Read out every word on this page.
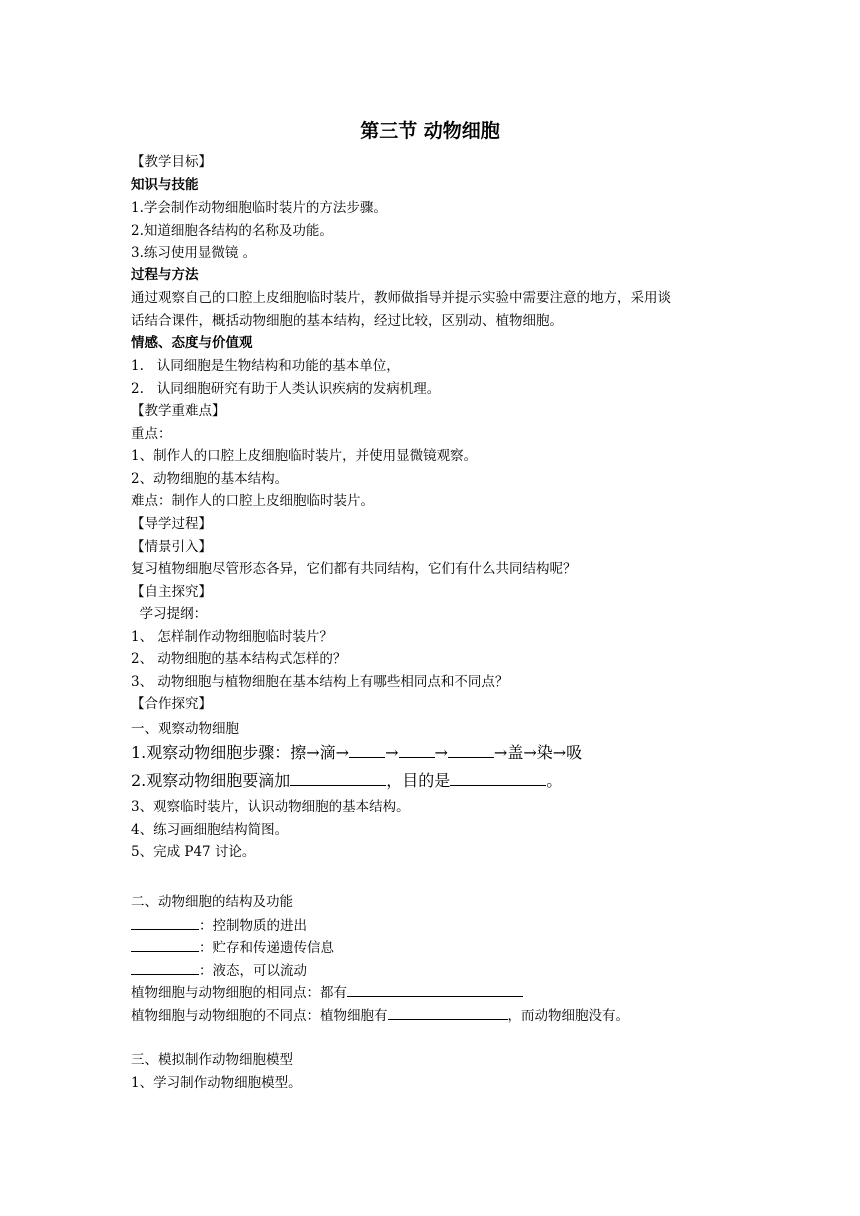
第三节 动物细胞
【教学目标】
知识与技能
1.学会制作动物细胞临时装片的方法步骤。
2.知道细胞各结构的名称及功能。
3.练习使用显微镜 。
过程与方法
通过观察自己的口腔上皮细胞临时装片，教师做指导并提示实验中需要注意的地方，采用谈
话结合课件，概括动物细胞的基本结构，经过比较，区别动、植物细胞。
情感、态度与价值观
1.   认同细胞是生物结构和功能的基本单位，
2.   认同细胞研究有助于人类认识疾病的发病机理。
【教学重难点】
重点：
1、制作人的口腔上皮细胞临时装片，并使用显微镜观察。
2、动物细胞的基本结构。
难点：制作人的口腔上皮细胞临时装片。
【导学过程】
【情景引入】
复习植物细胞尽管形态各异，它们都有共同结构，它们有什么共同结构呢？
【自主探究】
学习提纲：
1、 怎样制作动物细胞临时装片？
2、 动物细胞的基本结构式怎样的？
3、 动物细胞与植物细胞在基本结构上有哪些相同点和不同点？
【合作探究】
一、观察动物细胞
1.观察动物细胞步骤：擦→滴→ → →	→盖→染→吸
2.观察动物细胞要滴加	，目的是	。
3、观察临时装片，认识动物细胞的基本结构。
4、练习画细胞结构简图。
5、完成 P47 讨论。
二、动物细胞的结构及功能
：控制物质的进出
：贮存和传递遗传信息
：液态，可以流动
植物细胞与动物细胞的相同点：都有
植物细胞与动物细胞的不同点：植物细胞有	，而动物细胞没有。
三、模拟制作动物细胞模型
1、学习制作动物细胞模型。
